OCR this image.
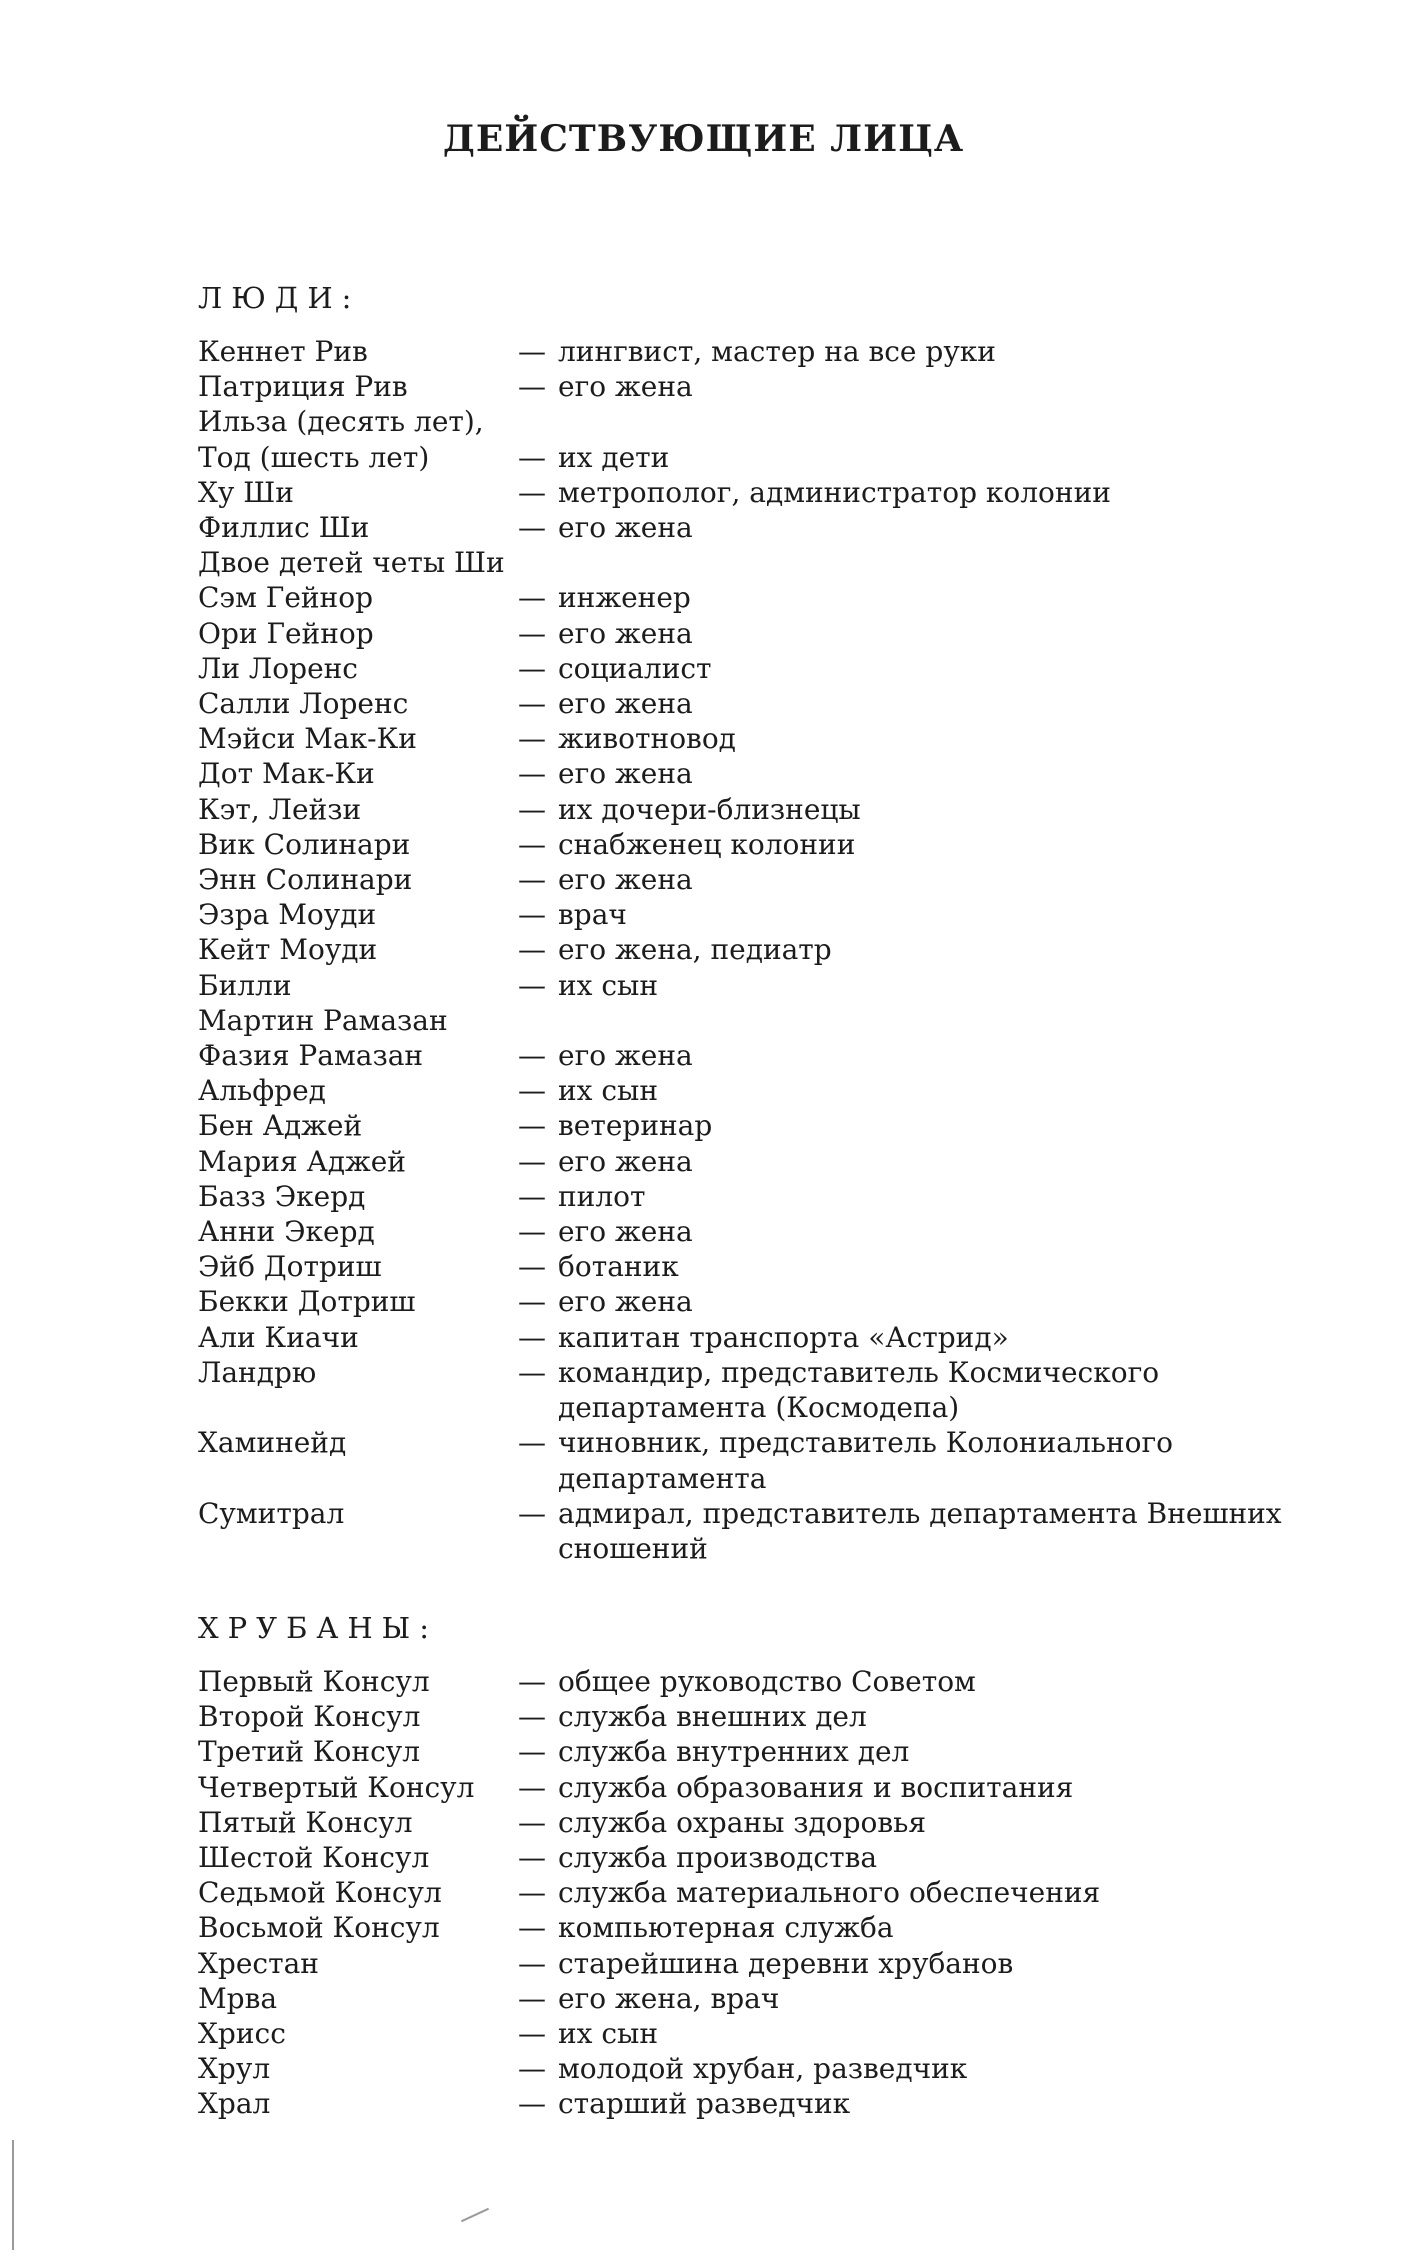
ДЕЙСТВУЮЩИЕ ЛИЦА
ЛЮДИ:
Кеннет Рив	— лингвист, мастер на все руки
Патриция Рив	— его жена
Ильза (десять лет),
Тод (шесть лет)	— их дети
Ху Ши	— метрополог, администратор колонии
Филлис Ши	— его жена
Двое детей четы Ши
Сэм Гейнор	— инженер
Ори Гейнор	— его жена
Ли Лоренс	— социалист
Салли Лоренс	— его жена
Мэйси Мак-Ки	— животновод
Дот Мак-Ки	— его жена
Кэт, Лейзи	— их дочери-близнецы
Вик Солинари	— снабженец колонии
Энн Солинари	— его жена
Эзра Моуди	— врач
Кейт Моуди	— его жена, педиатр
Билли	— их сын
Мартин Рамазан
Фазия Рамазан	— его жена
Альфред	— их сын
Бен Аджей	— ветеринар
Мария Аджей	— его жена
Базз Экерд	— пилот
Анни Экерд	— его жена
Эйб Дотриш	— ботаник
Бекки Дотриш	— его жена
Али Киачи	— капитан транспорта «Астрид»
Ландрю	— командир, представитель Космического департамента (Космодепа)
Хаминейд	— чиновник, представитель Колониального департамента
Сумитрал	— адмирал, представитель департамента Внешних сношений
ХРУБАНЫ:
Первый Консул	— общее руководство Советом
Второй Консул	— служба внешних дел
Третий Консул	— служба внутренних дел
Четвертый Консул	— служба образования и воспитания
Пятый Консул	— служба охраны здоровья
Шестой Консул	— служба производства
Седьмой Консул	— служба материального обеспечения
Восьмой Консул	— компьютерная служба
Хрестан	— старейшина деревни хрубанов
Мрва	— его жена, врач
Хрисс	— их сын
Хрул	— молодой хрубан, разведчик
Храл	— старший разведчик
